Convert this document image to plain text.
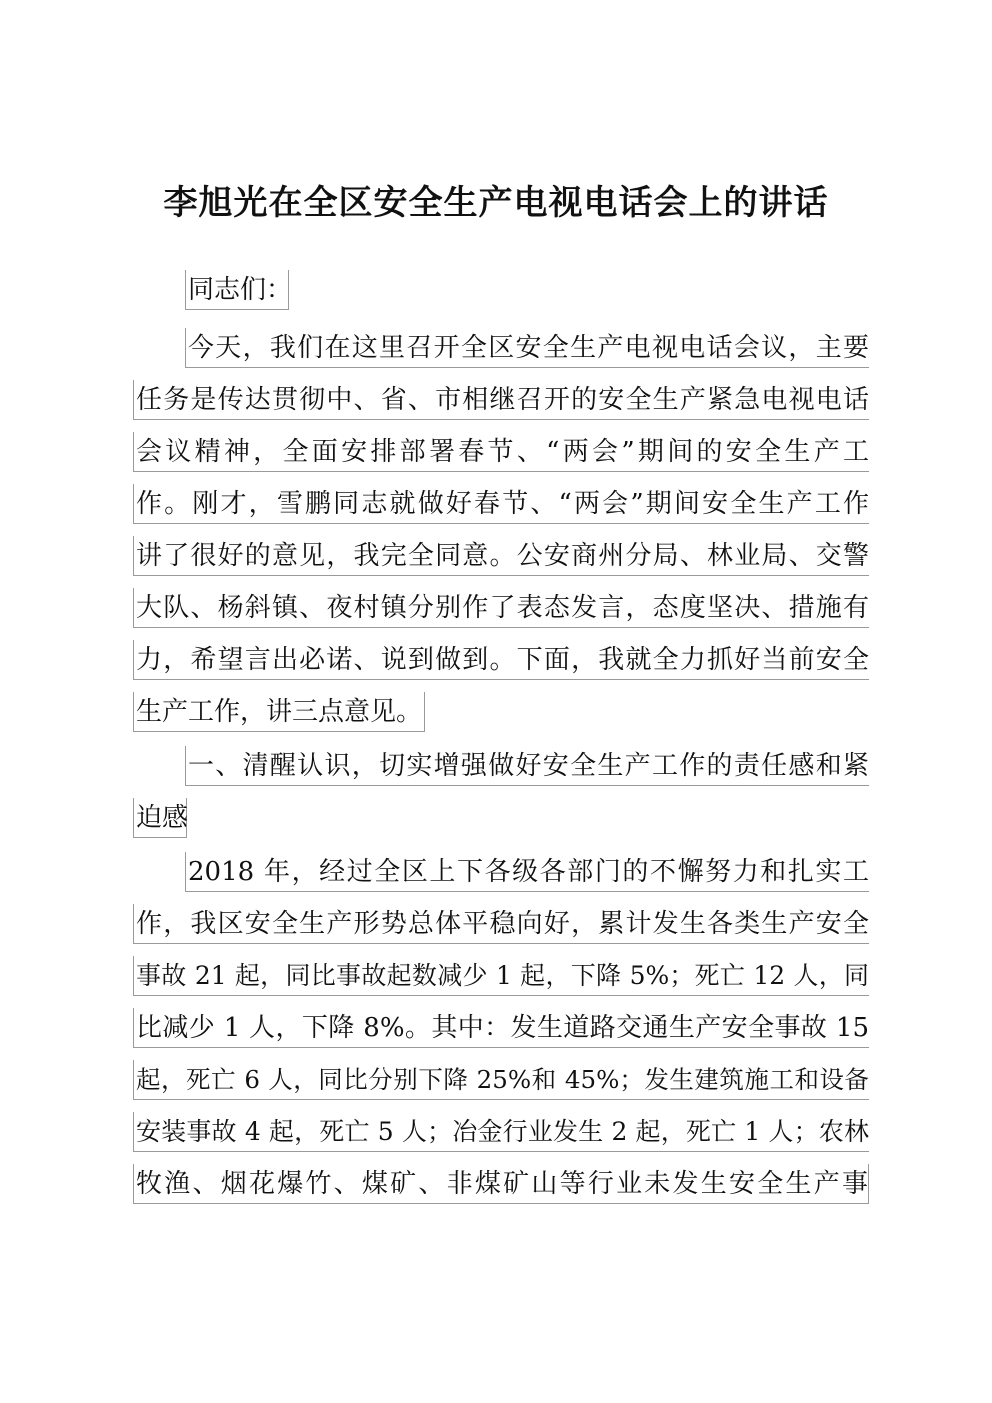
李旭光在全区安全生产电视电话会上的讲话
同志们：
今天，我们在这里召开全区安全生产电视电话会议，主要
任务是传达贯彻中、省、市相继召开的安全生产紧急电视电话
会议精神，全面安排部署春节、“两会”期间的安全生产工
作。刚才，雪鹏同志就做好春节、“两会”期间安全生产工作
讲了很好的意见，我完全同意。公安商州分局、林业局、交警
大队、杨斜镇、夜村镇分别作了表态发言，态度坚决、措施有
力，希望言出必诺、说到做到。下面，我就全力抓好当前安全
生产工作，讲三点意见。
一、清醒认识，切实增强做好安全生产工作的责任感和紧
迫感
2018 年，经过全区上下各级各部门的不懈努力和扎实工
作，我区安全生产形势总体平稳向好，累计发生各类生产安全
事故 21 起，同比事故起数减少 1 起，下降 5%；死亡 12 人，同
比减少 1 人，下降 8%。其中：发生道路交通生产安全事故 15
起，死亡 6 人，同比分别下降 25%和 45%；发生建筑施工和设备
安装事故 4 起，死亡 5 人；冶金行业发生 2 起，死亡 1 人；农林
牧渔、烟花爆竹、煤矿、非煤矿山等行业未发生安全生产事
